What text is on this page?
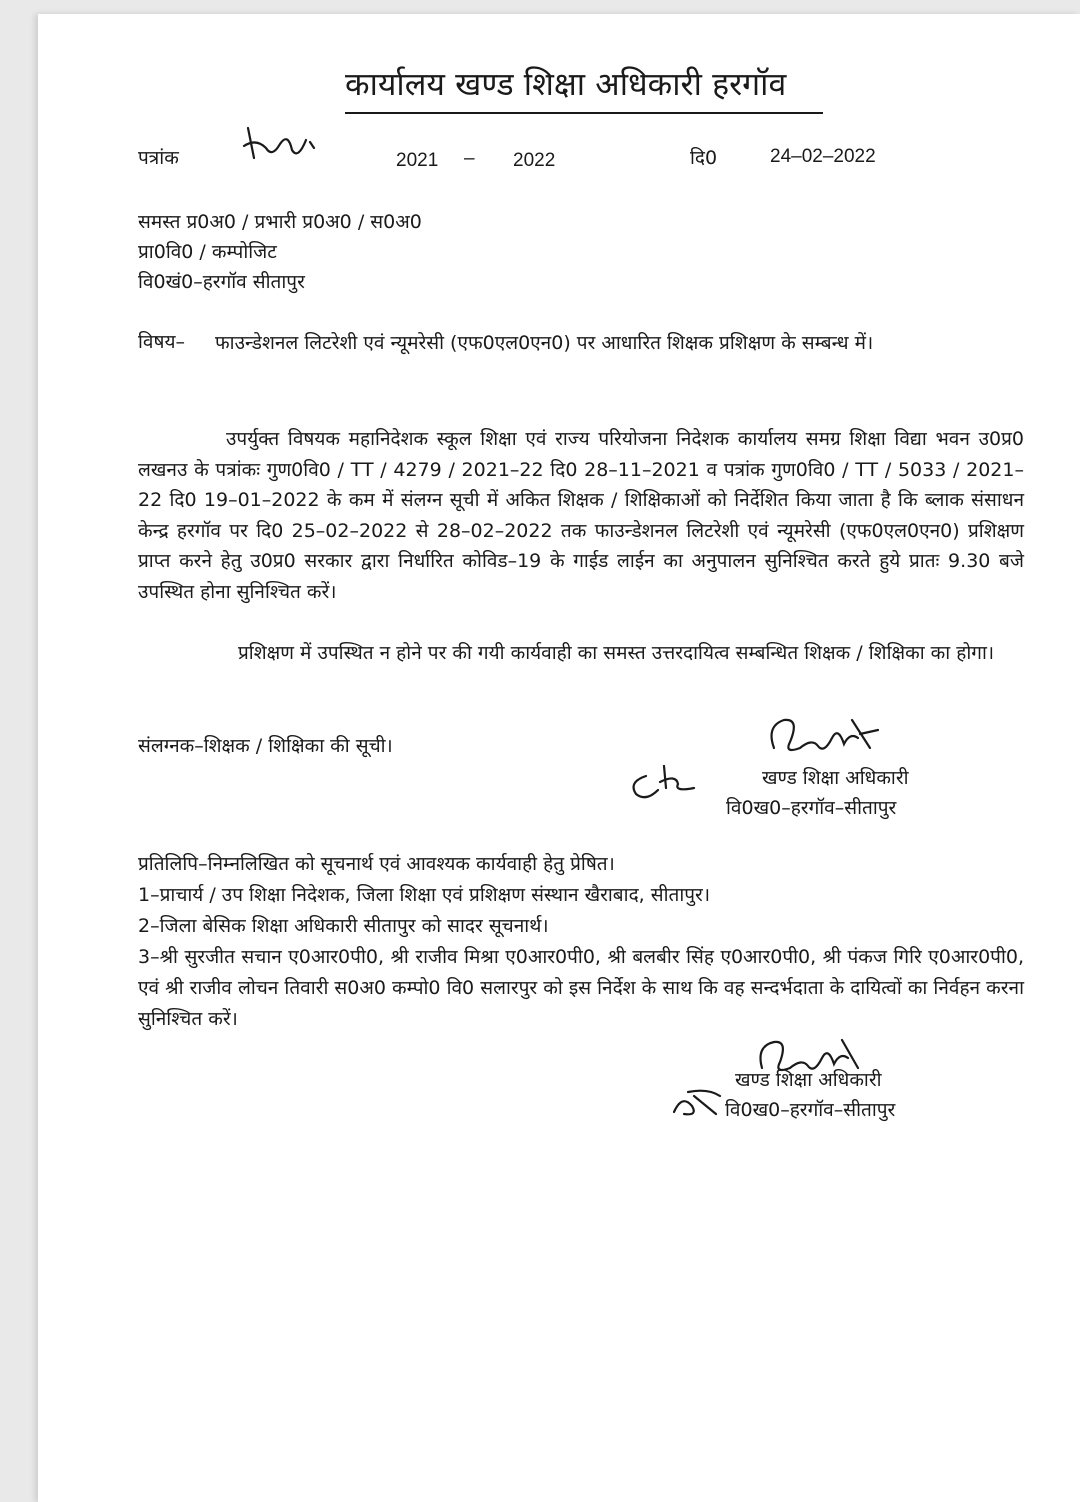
कार्यालय खण्ड शिक्षा अधिकारी हरगॉव
पत्रांक	2021 – 2022	दि0	24–02–2022
समस्त प्र0अ0 / प्रभारी प्र0अ0 / स0अ0
प्रा0वि0 / कम्पोजिट
वि0खं0–हरगॉव सीतापुर
विषय– फाउन्डेशनल लिटरेशी एवं न्यूमरेसी (एफ0एल0एन0) पर आधारित शिक्षक प्रशिक्षण के सम्बन्ध में।
उपर्युक्त विषयक महानिदेशक स्कूल शिक्षा एवं राज्य परियोजना निदेशक कार्यालय समग्र शिक्षा विद्या भवन उ0प्र0 लखनउ के पत्रांकः गुण0वि0 / TT / 4279 / 2021–22 दि0 28–11–2021 व पत्रांक गुण0वि0 / TT / 5033 / 2021–22 दि0 19–01–2022 के कम में संलग्न सूची में अकित शिक्षक / शिक्षिकाओं को निर्देशित किया जाता है कि ब्लाक संसाधन केन्द्र हरगॉव पर दि0 25–02–2022 से 28–02–2022 तक फाउन्डेशनल लिटरेशी एवं न्यूमरेसी (एफ0एल0एन0) प्रशिक्षण प्राप्त करने हेतु उ0प्र0 सरकार द्वारा निर्धारित कोविड–19 के गाईड लाईन का अनुपालन सुनिश्चित करते हुये प्रातः 9.30 बजे उपस्थित होना सुनिश्चित करें।
प्रशिक्षण में उपस्थित न होने पर की गयी कार्यवाही का समस्त उत्तरदायित्व सम्बन्धित शिक्षक / शिक्षिका का होगा।
संलग्नक–शिक्षक / शिक्षिका की सूची।
खण्ड शिक्षा अधिकारी
वि0ख0–हरगॉव–सीतापुर
प्रतिलिपि–निम्नलिखित को सूचनार्थ एवं आवश्यक कार्यवाही हेतु प्रेषित।
1–प्राचार्य / उप शिक्षा निदेशक, जिला शिक्षा एवं प्रशिक्षण संस्थान खैराबाद, सीतापुर।
2–जिला बेसिक शिक्षा अधिकारी सीतापुर को सादर सूचनार्थ।
3–श्री सुरजीत सचान ए0आर0पी0, श्री राजीव मिश्रा ए0आर0पी0, श्री बलबीर सिंह ए0आर0पी0, श्री पंकज गिरि ए0आर0पी0, एवं श्री राजीव लोचन तिवारी स0अ0 कम्पो0 वि0 सलारपुर को इस निर्देश के साथ कि वह सन्दर्भदाता के दायित्वों का निर्वहन करना सुनिश्चित करें।
खण्ड शिक्षा अधिकारी
वि0ख0–हरगॉव–सीतापुर
